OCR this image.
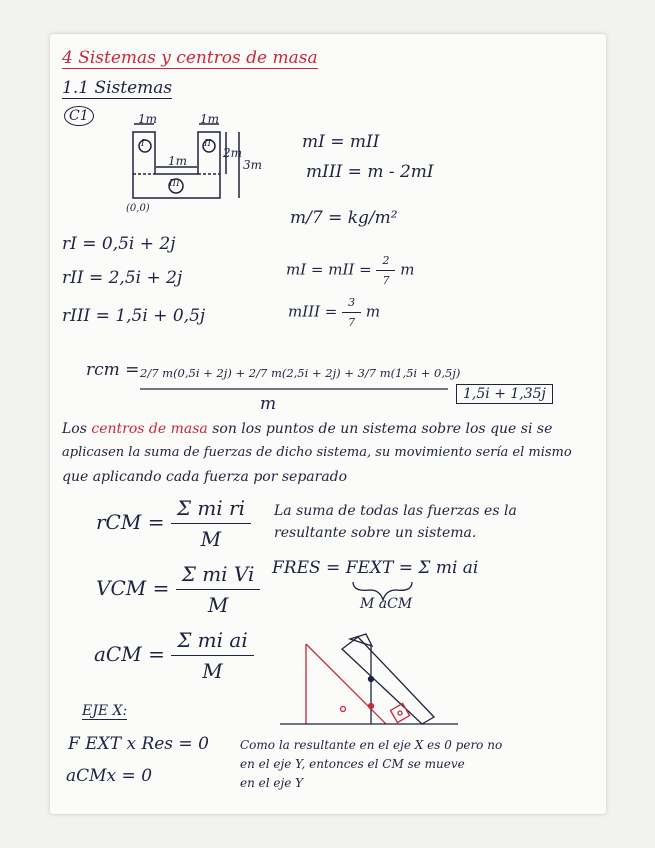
4 Sistemas y centros de masa
1.1 Sistemas
C1	1m	1m
1m
2m
3m
I	II
III
(0,0)
mI = mII
mIII = m - 2mI
m/7 = kg/m²
mI = mII = $\frac{2}{7}$ m
mIII = $\frac{3}{7}$ m
rI = 0,5i + 2j
rII = 2,5i + 2j
rIII = 1,5i + 0,5j
rcm = 2/7 m(0,5i + 2j) + 2/7 m(2,5i + 2j) + 3/7 m(1,5i + 0,5j)
m	1,5i + 1,35j
Los centros de masa son los puntos de un sistema sobre los que si se
aplicasen la suma de fuerzas de dicho sistema, su movimiento sería el mismo
que aplicando cada fuerza por separado
rCM = $\frac{\text{Σ mi ri}}{M}$
VCM = $\frac{\text{Σ mi Vi}}{M}$
aCM = $\frac{\text{Σ mi ai}}{M}$
La suma de todas las fuerzas es la
resultante sobre un sistema.
FRES = FEXT = Σ mi ai
M aCM
EJE X:
F EXT x Res = 0
aCMx = 0
Como la resultante en el eje X es 0 pero no
en el eje Y, entonces el CM se mueve
en el eje Y
